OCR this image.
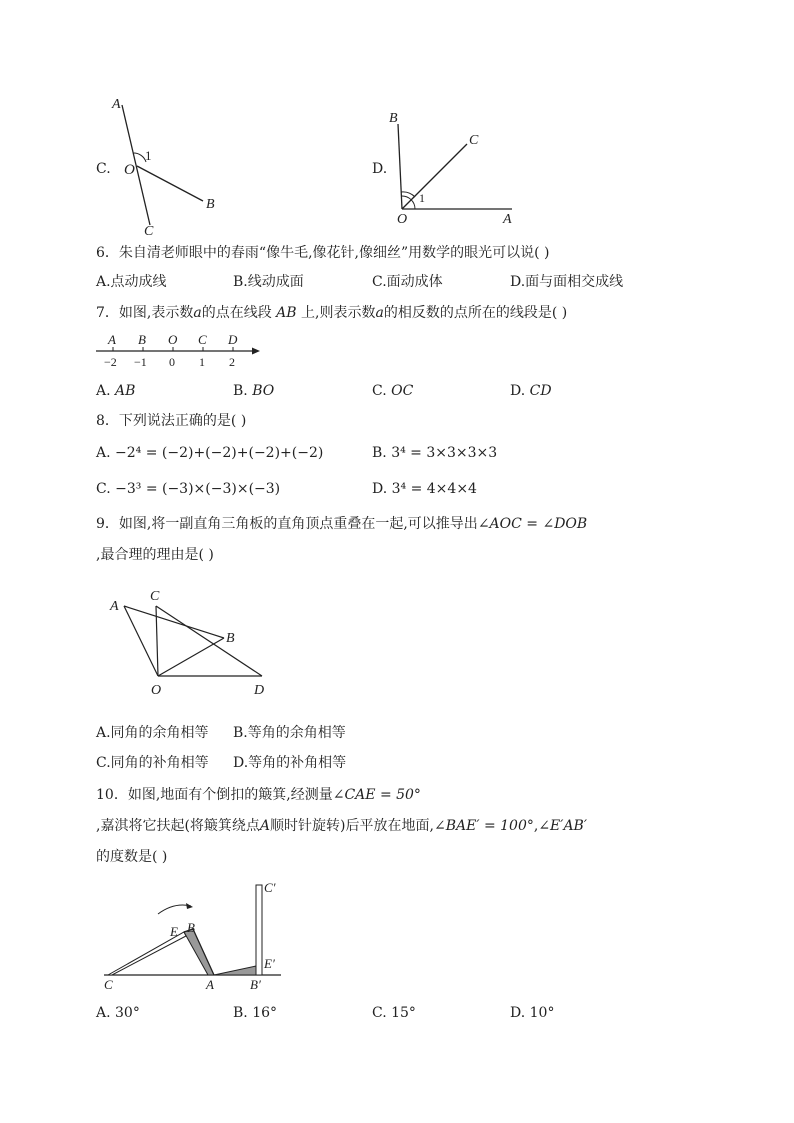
C.
A
O
1
B
C
D.
B
C
O
1
A
6．朱自清老师眼中的春雨“像牛毛,像花针,像细丝”用数学的眼光可以说( )
A.点动成线	B.线动成面	C.面动成体	D.面与面相交成线
7．如图,表示数a的点在线段 AB 上,则表示数a的相反数的点所在的线段是( )
A B O C D
−2 −1 0 1 2
A. AB	B. BO	C. OC	D. CD
8．下列说法正确的是( )
A. −2⁴ = (−2)+(−2)+(−2)+(−2)	B. 3⁴ = 3×3×3×3
C. −3³ = (−3)×(−3)×(−3)	D. 3⁴ = 4×4×4
9．如图,将一副直角三角板的直角顶点重叠在一起,可以推导出∠AOC = ∠DOB
,最合理的理由是( )
A
C
B
O	D
A.同角的余角相等 B.等角的余角相等
C.同角的补角相等 D.等角的补角相等
10．如图,地面有个倒扣的簸箕,经测量∠CAE = 50°
,嘉淇将它扶起(将簸箕绕点A顺时针旋转)后平放在地面,∠BAE′ = 100°,∠E′AB′
的度数是( )
E B
C	A	B′
E′
C′
A. 30°	B. 16°	C. 15°	D. 10°
